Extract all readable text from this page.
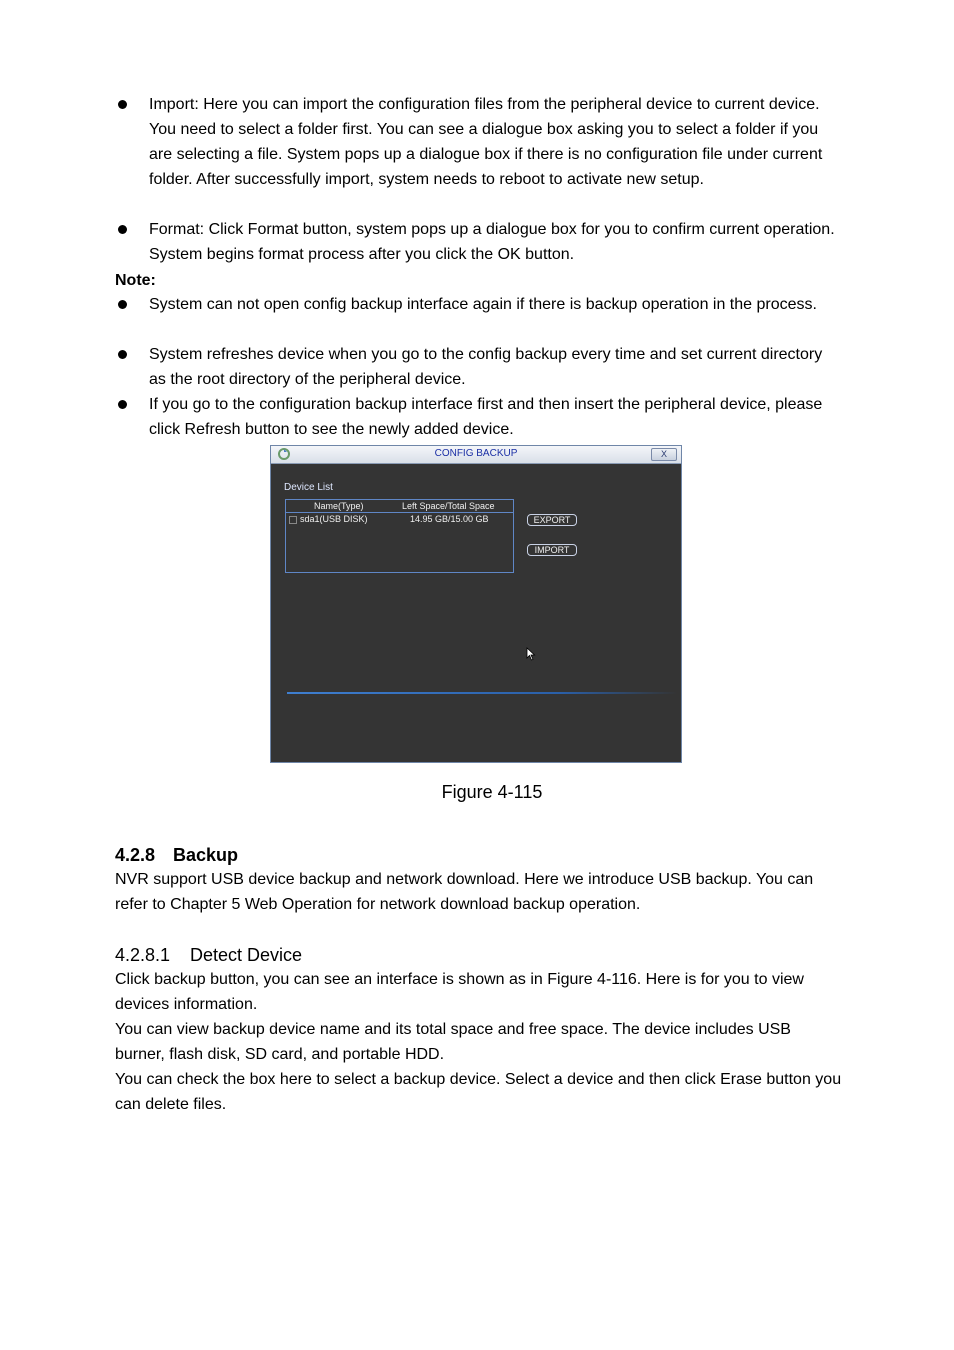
Import: Here you can import the configuration files from the peripheral device to current device. You need to select a folder first. You can see a dialogue box asking you to select a folder if you are selecting a file. System pops up a dialogue box if there is no configuration file under current folder. After successfully import, system needs to reboot to activate new setup.
Format: Click Format button, system pops up a dialogue box for you to confirm current operation. System begins format process after you click the OK button.
Note:
System can not open config backup interface again if there is backup operation in the process.
System refreshes device when you go to the config backup every time and set current directory as the root directory of the peripheral device.
If you go to the configuration backup interface first and then insert the peripheral device, please click Refresh button to see the newly added device.
CONFIG BACKUP	X
Device List
Name(Type)	Left Space/Total Space
sda1(USB DISK)	14.95 GB/15.00 GB	EXPORT
IMPORT
Figure 4-115
4.2.8 Backup
NVR support USB device backup and network download. Here we introduce USB backup. You can refer to Chapter 5 Web Operation for network download backup operation.
4.2.8.1 Detect Device
Click backup button, you can see an interface is shown as in Figure 4-116. Here is for you to view devices information.
You can view backup device name and its total space and free space. The device includes USB burner, flash disk, SD card, and portable HDD.
You can check the box here to select a backup device. Select a device and then click Erase button you can delete files.
